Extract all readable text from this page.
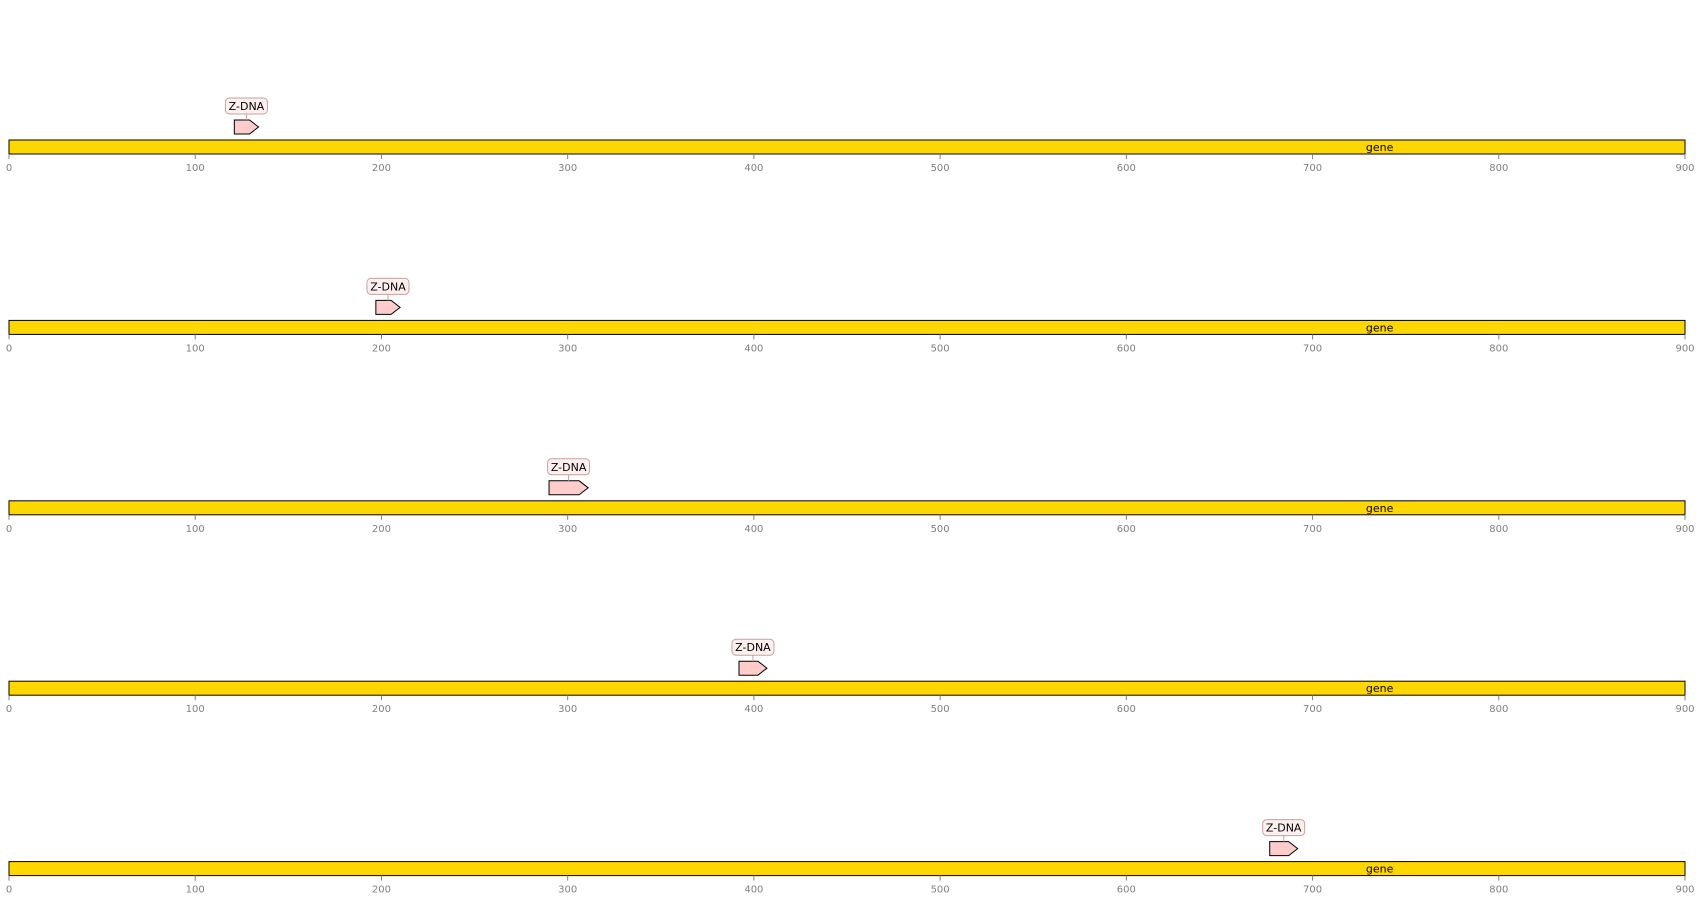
gene
0	100	200	300	400	500	600	700	800	900
Z-DNA
gene
0	100	200	300	400	500	600	700	800	900
Z-DNA
gene
0	100	200	300	400	500	600	700	800	900
Z-DNA
gene
0	100	200	300	400	500	600	700	800	900
Z-DNA
gene
0	100	200	300	400	500	600	700	800	900
Z-DNA
